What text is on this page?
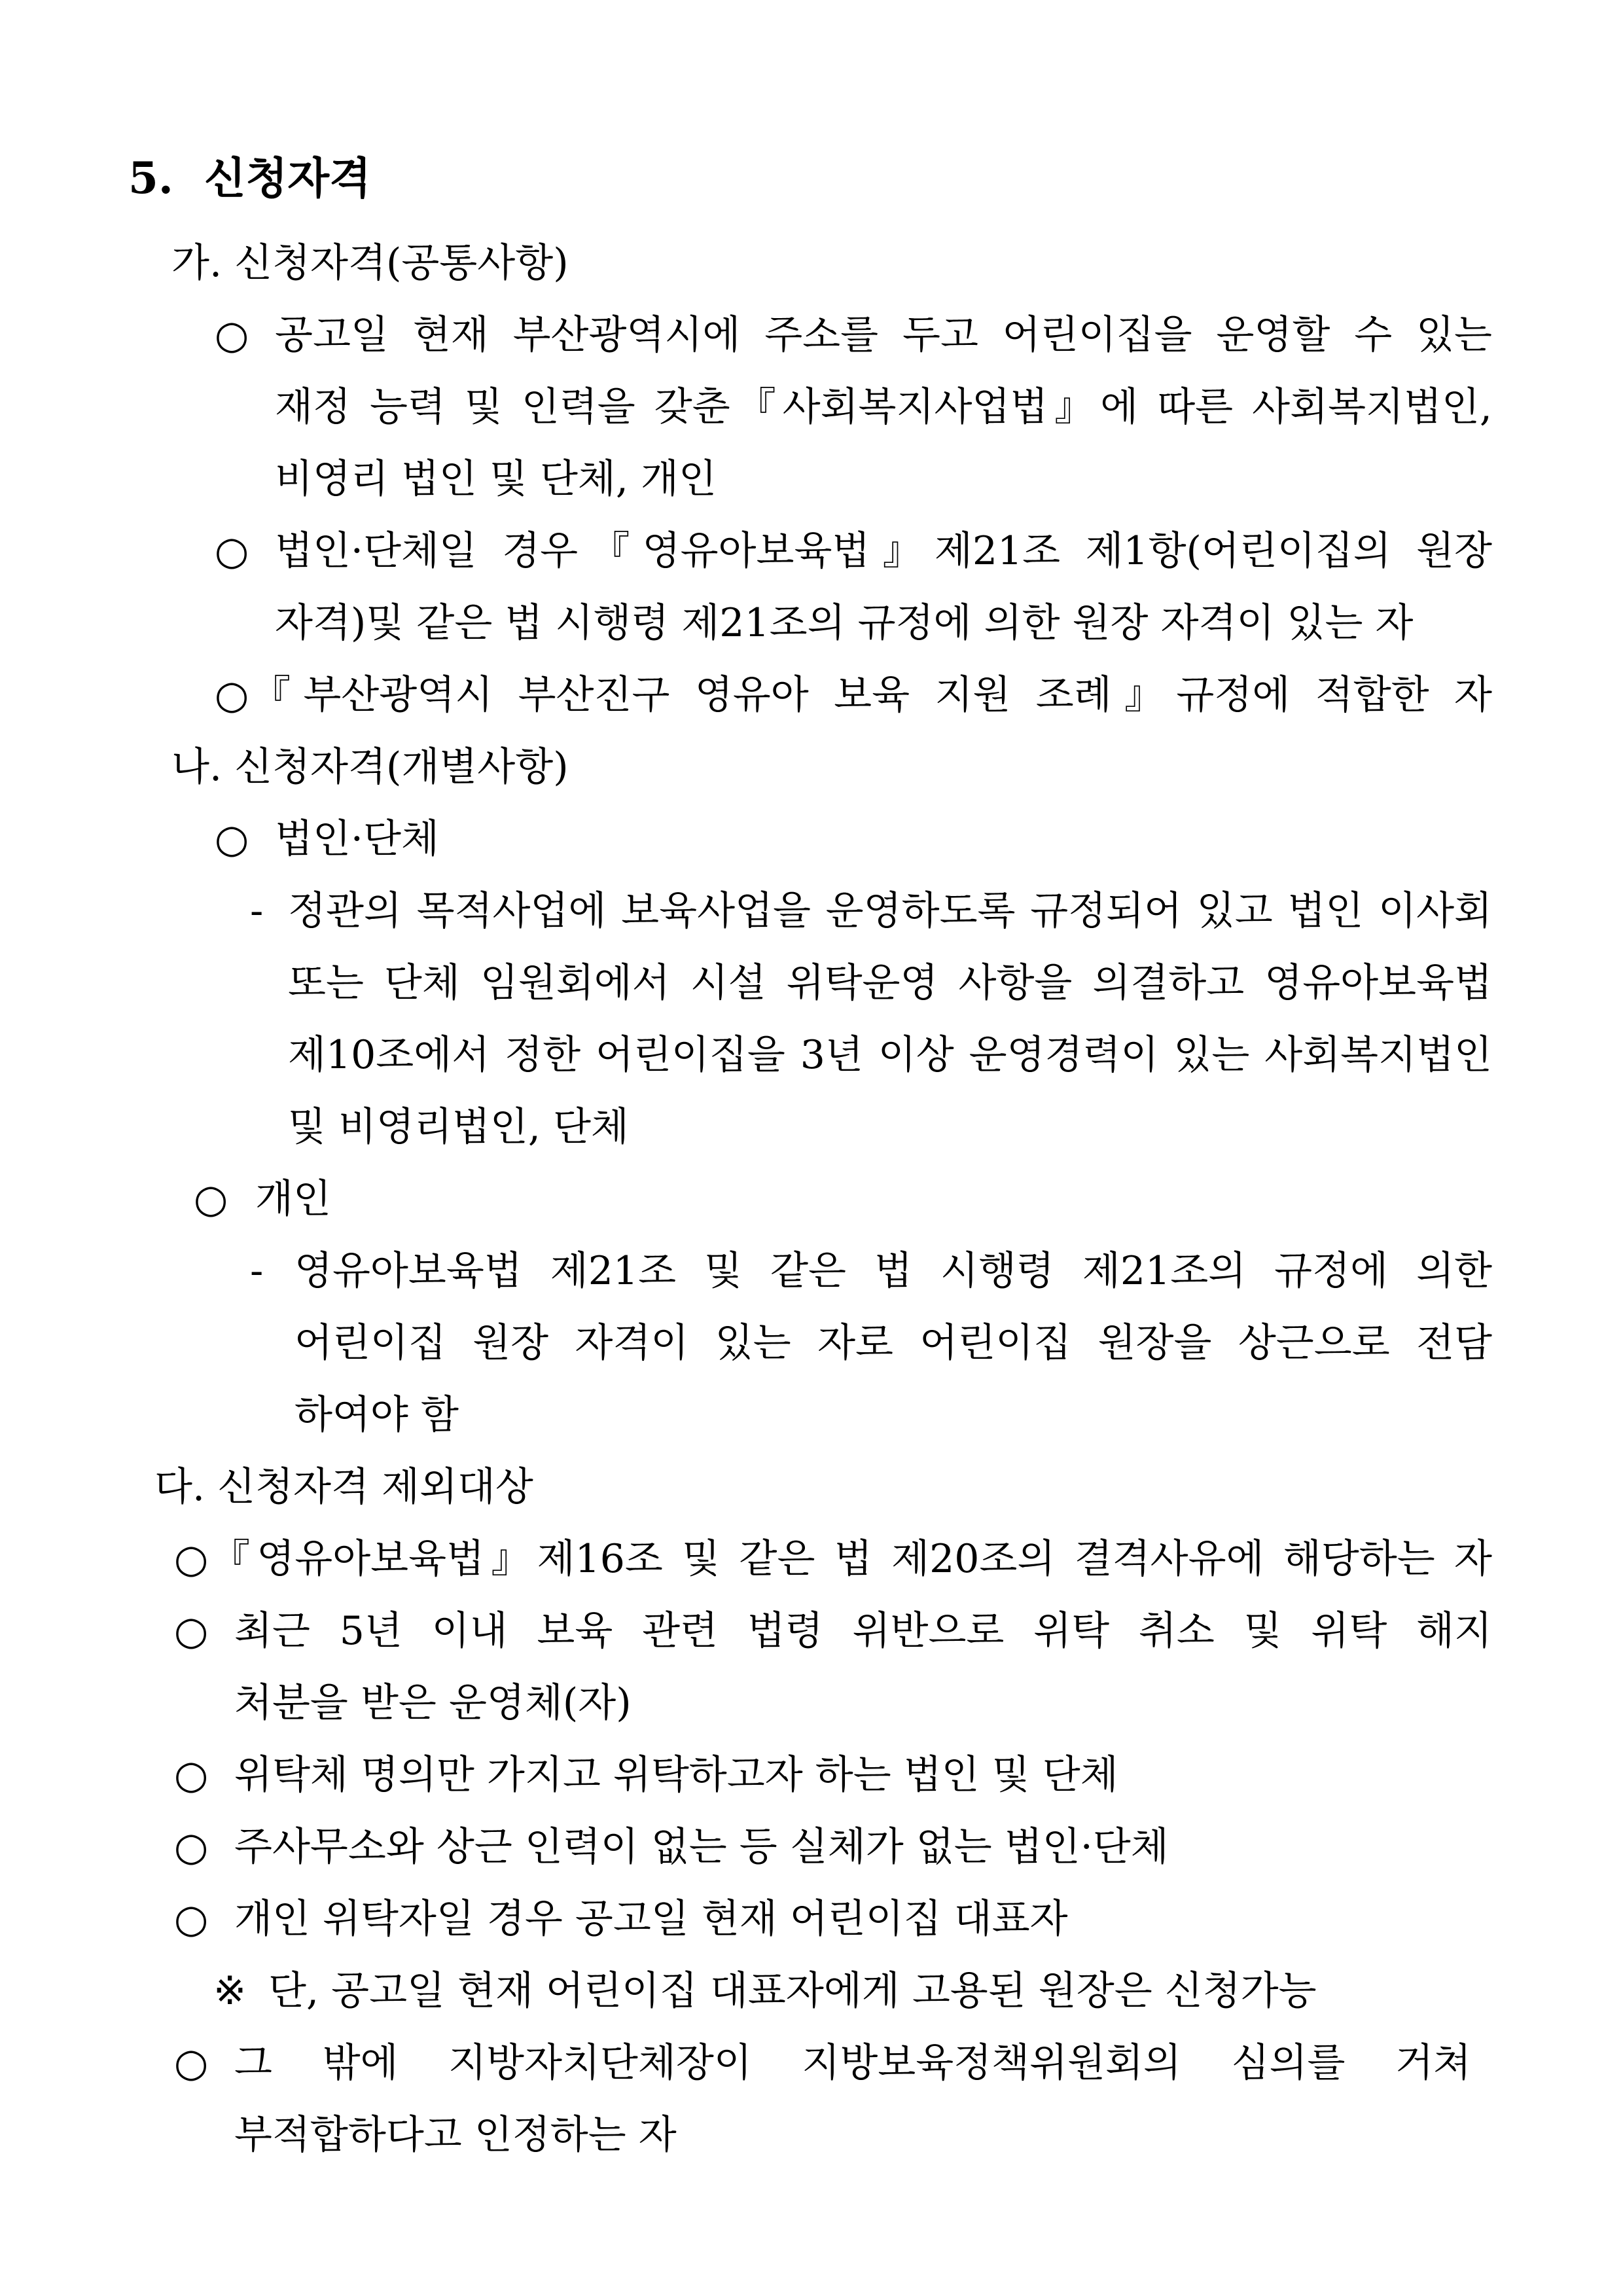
5. 신청자격
가. 신청자격(공통사항)
○ 공고일 현재 부산광역시에 주소를 두고 어린이집을 운영할 수 있는
재정 능력 및 인력을 갖춘『사회복지사업법』에 따른 사회복지법인,
비영리 법인 및 단체, 개인
○ 법인·단체일 경우『영유아보육법』제21조 제1항(어린이집의 원장
자격)및 같은 법 시행령 제21조의 규정에 의한 원장 자격이 있는 자
○ 『부산광역시 부산진구 영유아 보육 지원 조례』규정에 적합한 자
나. 신청자격(개별사항)
○ 법인·단체
- 정관의 목적사업에 보육사업을 운영하도록 규정되어 있고 법인 이사회
또는 단체 임원회에서 시설 위탁운영 사항을 의결하고 영유아보육법
제10조에서 정한 어린이집을 3년 이상 운영경력이 있는 사회복지법인
및 비영리법인, 단체
○ 개인
- 영유아보육법 제21조 및 같은 법 시행령 제21조의 규정에 의한
어린이집 원장 자격이 있는 자로 어린이집 원장을 상근으로 전담
하여야 함
다. 신청자격 제외대상
○ 『영유아보육법』제16조 및 같은 법 제20조의 결격사유에 해당하는 자
○ 최근 5년 이내 보육 관련 법령 위반으로 위탁 취소 및 위탁 해지
처분을 받은 운영체(자)
○ 위탁체 명의만 가지고 위탁하고자 하는 법인 및 단체
○ 주사무소와 상근 인력이 없는 등 실체가 없는 법인·단체
○ 개인 위탁자일 경우 공고일 현재 어린이집 대표자
※ 단, 공고일 현재 어린이집 대표자에게 고용된 원장은 신청가능
○ 그 밖에 지방자치단체장이 지방보육정책위원회의 심의를 거쳐
부적합하다고 인정하는 자
